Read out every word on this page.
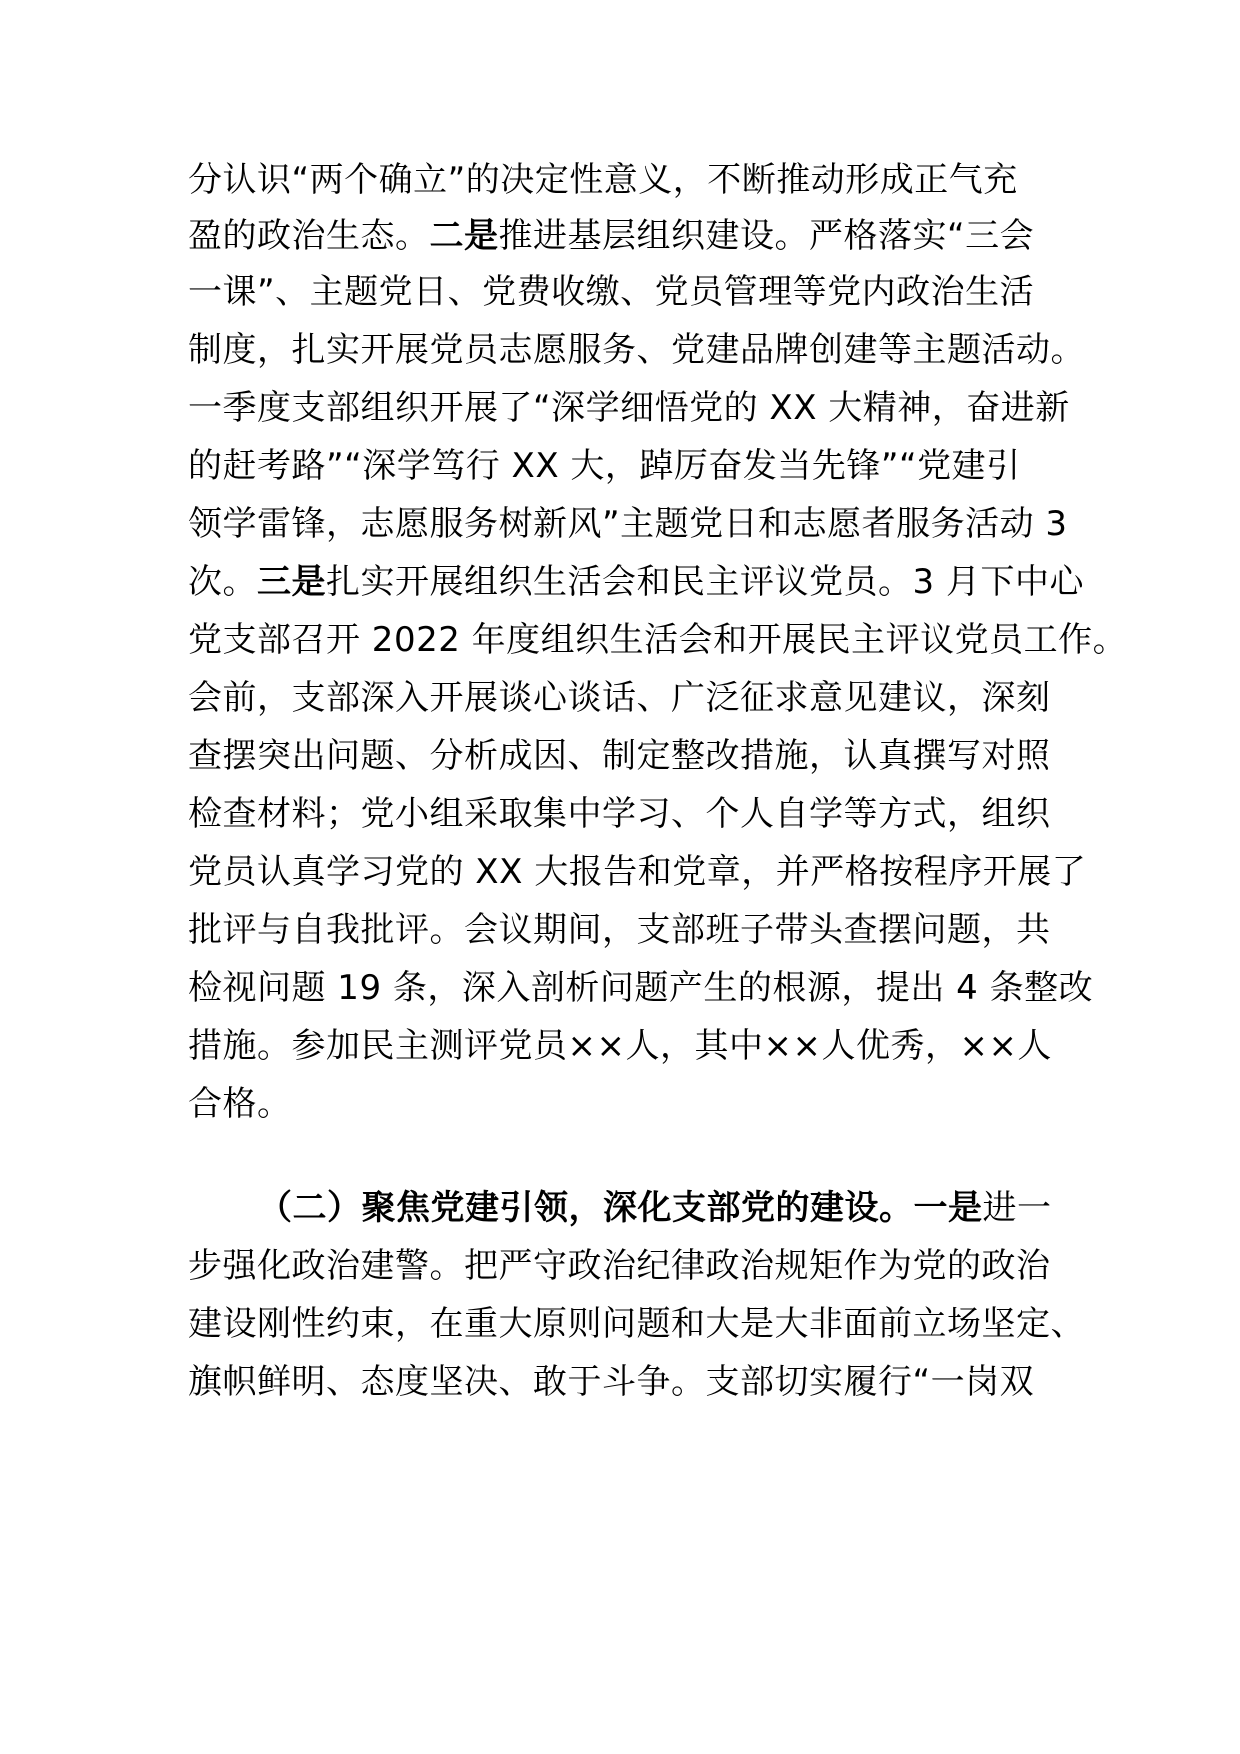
分认识“两个确立”的决定性意义，不断推动形成正气充
盈的政治生态。二是推进基层组织建设。严格落实“三会
一课”、主题党日、党费收缴、党员管理等党内政治生活
制度，扎实开展党员志愿服务、党建品牌创建等主题活动。
一季度支部组织开展了“深学细悟党的 XX 大精神，奋进新
的赶考路”“深学笃行 XX 大，踔厉奋发当先锋”“党建引
领学雷锋，志愿服务树新风”主题党日和志愿者服务活动 3
次。三是扎实开展组织生活会和民主评议党员。3 月下中心
党支部召开 2022 年度组织生活会和开展民主评议党员工作。
会前，支部深入开展谈心谈话、广泛征求意见建议，深刻
查摆突出问题、分析成因、制定整改措施，认真撰写对照
检查材料；党小组采取集中学习、个人自学等方式，组织
党员认真学习党的 XX 大报告和党章，并严格按程序开展了
批评与自我批评。会议期间，支部班子带头查摆问题，共
检视问题 19 条，深入剖析问题产生的根源，提出 4 条整改
措施。参加民主测评党员××人，其中××人优秀，××人
合格。
（二）聚焦党建引领，深化支部党的建设。一是进一
步强化政治建警。把严守政治纪律政治规矩作为党的政治
建设刚性约束，在重大原则问题和大是大非面前立场坚定、
旗帜鲜明、态度坚决、敢于斗争。支部切实履行“一岗双
